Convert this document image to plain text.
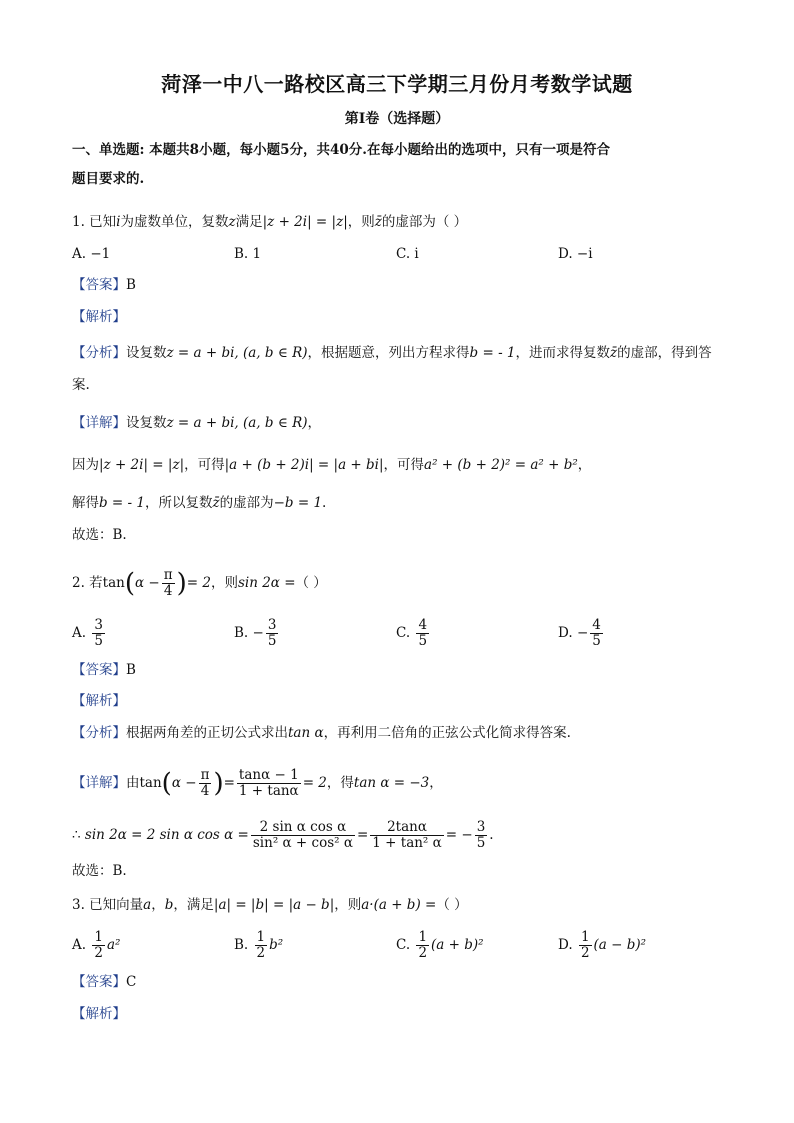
菏泽一中八一路校区高三下学期三月份月考数学试题
第I卷（选择题）
一、单选题: 本题共8小题，每小题5分，共40分.在每小题给出的选项中，只有一项是符合
题目要求的.
1. 已知i为虚数单位，复数z满足|z + 2i| = |z|，则z̄的虚部为（ ）
A. −1	B. 1	C. i	D. −i
【答案】B
【解析】
【分析】设复数z = a + bi, (a, b ∈ R)，根据题意，列出方程求得b = - 1，进而求得复数z̄的虚部，得到答
案.
【详解】设复数z = a + bi, (a, b ∈ R)，
因为|z + 2i| = |z|，可得|a + (b + 2)i| = |a + bi|，可得a² + (b + 2)² = a² + b²，
解得b = - 1，所以复数z̄的虚部为−b = 1.
故选：B.
2. 若$\tan(\alpha - \frac{\pi}{4}$ )= 2，则sin 2α =（ ）
A. $\frac{3}{5}$	B. − $\frac{3}{5}$	C. $\frac{4}{5}$	D. − $\frac{4}{5}$
【答案】B
【解析】
【分析】根据两角差的正切公式求出tan α，再利用二倍角的正弦公式化简求得答案.
【详解】由$\tan(\alpha - \frac{\pi}{4}$ )= $\frac{\tan\alpha - 1}{1 + \tan\alpha} = 2$，得tan α = −3，
∴ sin 2α = 2 sin α $\cos \alpha = \frac{\text{2 sin α cos α}}{\text{sin² α + cos² α}} = \frac{2\tan\alpha}{\text{1 + tan² α}}$ = − $\frac{3}{5}$ .
故选：B.
3. 已知向量a，b，满足|a| = |b| = |a − b|，则a·(a + b) =（ ）
A. $\frac{1}{2} a^2$	B. $\frac{1}{2} b^2$	C. $\frac{1}{2} (a + b)^2$	D. $\frac{1}{2} (a - b)^2$
【答案】C
【解析】
